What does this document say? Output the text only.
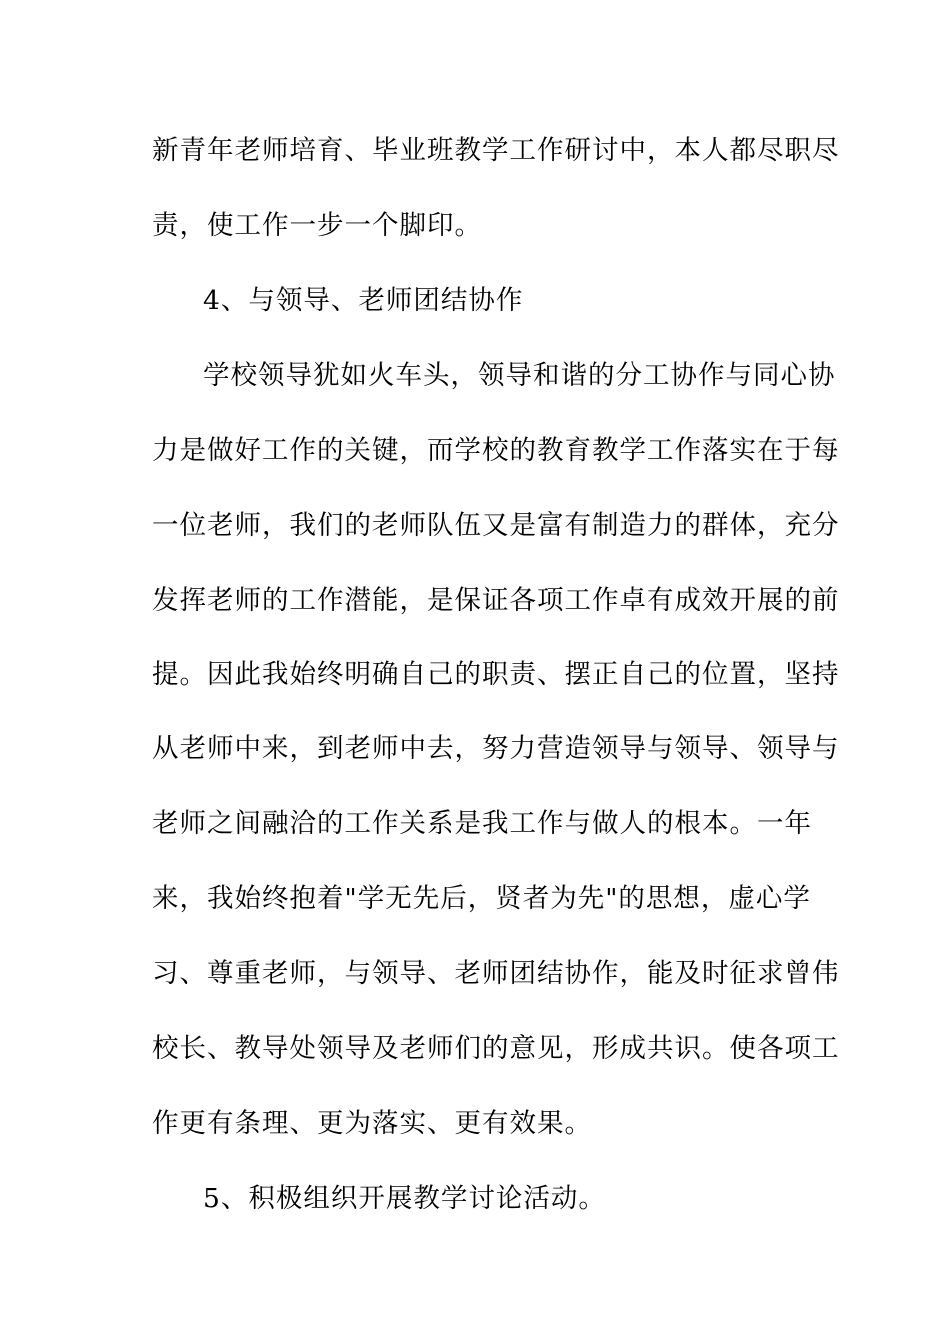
新青年老师培育、毕业班教学工作研讨中，本人都尽职尽
责，使工作一步一个脚印。
4、与领导、老师团结协作
学校领导犹如火车头，领导和谐的分工协作与同心协
力是做好工作的关键，而学校的教育教学工作落实在于每
一位老师，我们的老师队伍又是富有制造力的群体，充分
发挥老师的工作潜能，是保证各项工作卓有成效开展的前
提。因此我始终明确自己的职责、摆正自己的位置，坚持
从老师中来，到老师中去，努力营造领导与领导、领导与
老师之间融洽的工作关系是我工作与做人的根本。一年
来，我始终抱着"学无先后，贤者为先"的思想，虚心学
习、尊重老师，与领导、老师团结协作，能及时征求曾伟
校长、教导处领导及老师们的意见，形成共识。使各项工
作更有条理、更为落实、更有效果。
5、积极组织开展教学讨论活动。
